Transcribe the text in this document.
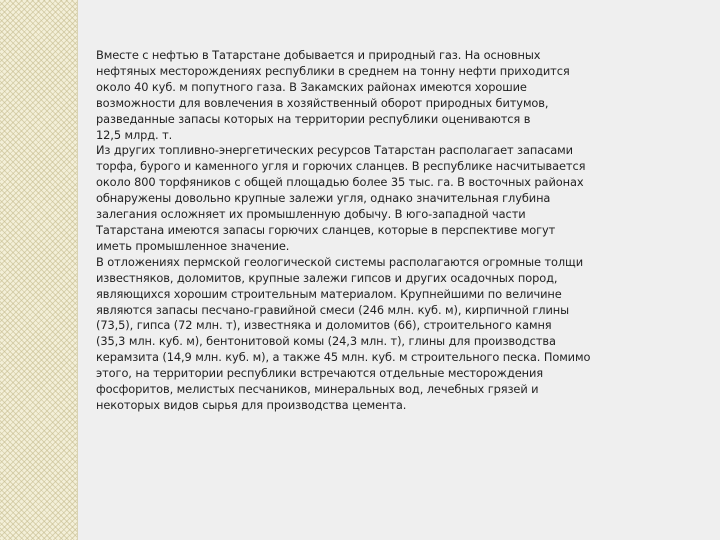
Вместе с нефтью в Татарстане добывается и природный газ. На основных
нефтяных месторождениях республики в среднем на тонну нефти приходится
около 40 куб. м попутного газа. В Закамских районах имеются хорошие
возможности для вовлечения в хозяйственный оборот природных битумов,
разведанные запасы которых на территории республики оцениваются в
12,5 млрд. т.

Из других топливно-энергетических ресурсов Татарстан располагает запасами
торфа, бурого и каменного угля и горючих сланцев. В республике насчитывается
около 800 торфяников с общей площадью более 35 тыс. га. В восточных районах
обнаружены довольно крупные залежи угля, однако значительная глубина
залегания осложняет их промышленную добычу. В юго-западной части
Татарстана имеются запасы горючих сланцев, которые в перспективе могут
иметь промышленное значение.

В отложениях пермской геологической системы располагаются огромные толщи
известняков, доломитов, крупные залежи гипсов и других осадочных пород,
являющихся хорошим строительным материалом. Крупнейшими по величине
являются запасы песчано-гравийной смеси (246 млн. куб. м), кирпичной глины
(73,5), гипса (72 млн. т), известняка и доломитов (66), строительного камня
(35,3 млн. куб. м), бентонитовой комы (24,3 млн. т), глины для производства
керамзита (14,9 млн. куб. м), а также 45 млн. куб. м строительного песка. Помимо
этого, на территории республики встречаются отдельные месторождения
фосфоритов, мелистых песчаников, минеральных вод, лечебных грязей и
некоторых видов сырья для производства цемента.
